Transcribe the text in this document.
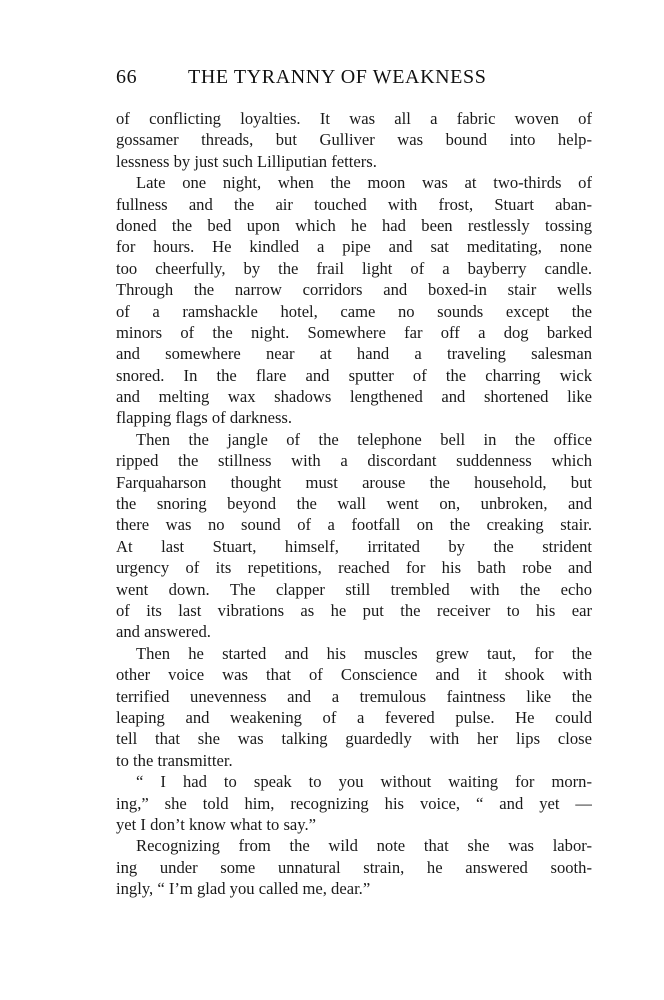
66	THE TYRANNY OF WEAKNESS
of conflicting loyalties. It was all a fabric woven of
gossamer threads, but Gulliver was bound into help-
lessness by just such Lilliputian fetters.
Late one night, when the moon was at two-thirds of
fullness and the air touched with frost, Stuart aban-
doned the bed upon which he had been restlessly tossing
for hours. He kindled a pipe and sat meditating, none
too cheerfully, by the frail light of a bayberry candle.
Through the narrow corridors and boxed-in stair wells
of a ramshackle hotel, came no sounds except the
minors of the night. Somewhere far off a dog barked
and somewhere near at hand a traveling salesman
snored. In the flare and sputter of the charring wick
and melting wax shadows lengthened and shortened like
flapping flags of darkness.
Then the jangle of the telephone bell in the office
ripped the stillness with a discordant suddenness which
Farquaharson thought must arouse the household, but
the snoring beyond the wall went on, unbroken, and
there was no sound of a footfall on the creaking stair.
At last Stuart, himself, irritated by the strident
urgency of its repetitions, reached for his bath robe and
went down. The clapper still trembled with the echo
of its last vibrations as he put the receiver to his ear
and answered.
Then he started and his muscles grew taut, for the
other voice was that of Conscience and it shook with
terrified unevenness and a tremulous faintness like the
leaping and weakening of a fevered pulse. He could
tell that she was talking guardedly with her lips close
to the transmitter.
“ I had to speak to you without waiting for morn-
ing,” she told him, recognizing his voice, “ and yet —
yet I don’t know what to say.”
Recognizing from the wild note that she was labor-
ing under some unnatural strain, he answered sooth-
ingly, “ I’m glad you called me, dear.”
